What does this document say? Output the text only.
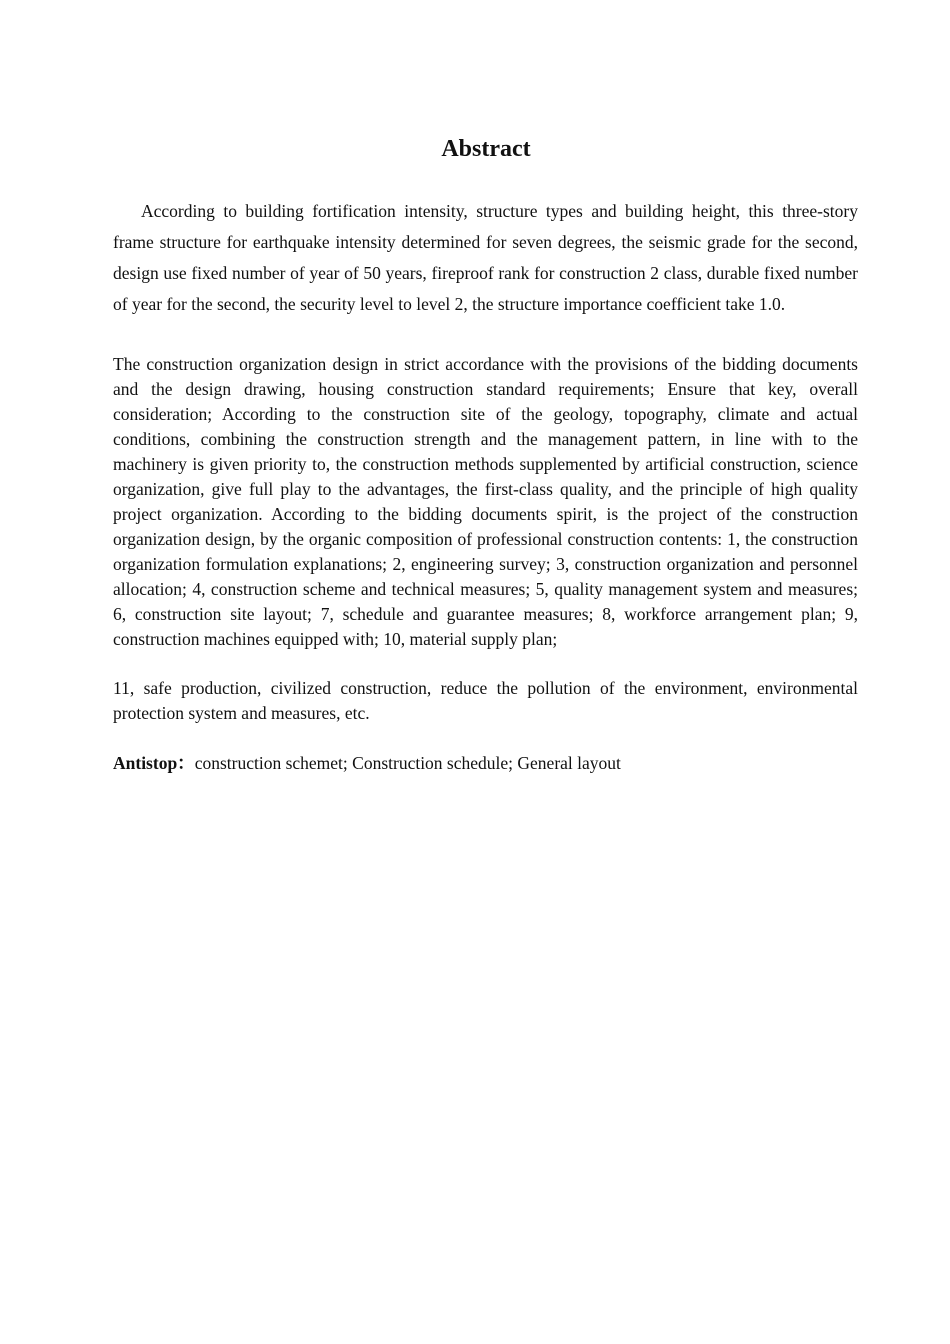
Abstract

According to building fortification intensity, structure types and building height, this three-story frame structure for earthquake intensity determined for seven degrees, the seismic grade for the second, design use fixed number of year of 50 years, fireproof rank for construction 2 class, durable fixed number of year for the second, the security level to level 2, the structure importance coefficient take 1.0.

The construction organization design in strict accordance with the provisions of the bidding documents and the design drawing, housing construction standard requirements; Ensure that key, overall consideration; According to the construction site of the geology, topography, climate and actual conditions, combining the construction strength and the management pattern, in line with to the machinery is given priority to, the construction methods supplemented by artificial construction, science organization, give full play to the advantages, the first-class quality, and the principle of high quality project organization. According to the bidding documents spirit, is the project of the construction organization design, by the organic composition of professional construction contents: 1, the construction organization formulation explanations; 2, engineering survey; 3, construction organization and personnel allocation; 4, construction scheme and technical measures; 5, quality management system and measures; 6, construction site layout; 7, schedule and guarantee measures; 8, workforce arrangement plan; 9, construction machines equipped with; 10, material supply plan;

11, safe production, civilized construction, reduce the pollution of the environment, environmental protection system and measures, etc.

Antistop：construction schemet; Construction schedule; General layout
